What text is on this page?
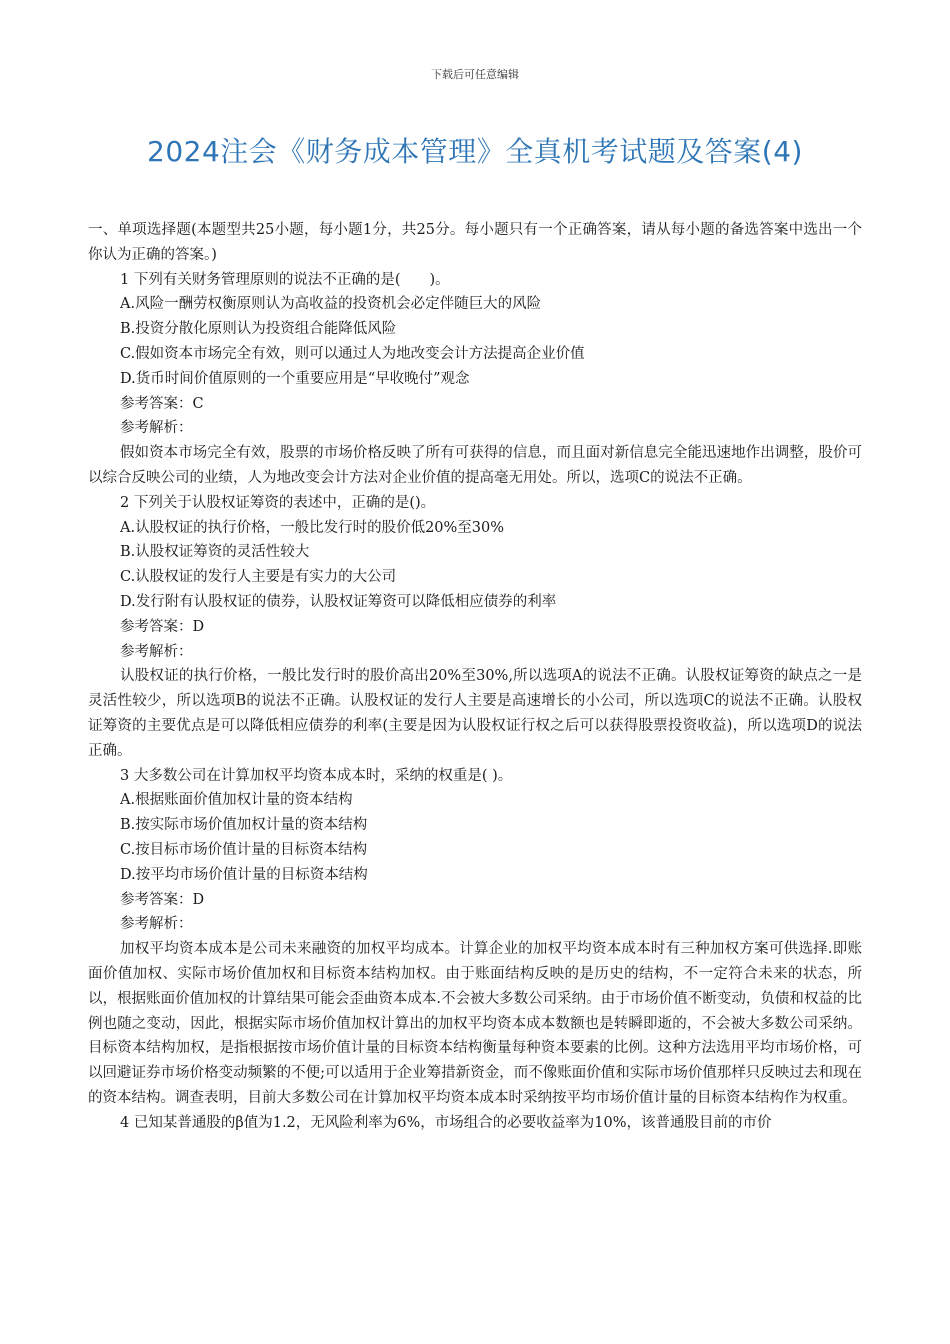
下载后可任意编辑
2024注会《财务成本管理》全真机考试题及答案(4)

一、单项选择题(本题型共25小题，每小题1分，共25分。每小题只有一个正确答案，请从每小题的备选答案中选出一个你认为正确的答案。)

1 下列有关财务管理原则的说法不正确的是(　　)。

A.风险一酬劳权衡原则认为高收益的投资机会必定伴随巨大的风险

B.投资分散化原则认为投资组合能降低风险

C.假如资本市场完全有效，则可以通过人为地改变会计方法提高企业价值

D.货币时间价值原则的一个重要应用是“早收晚付”观念

参考答案：C

参考解析：

假如资本市场完全有效，股票的市场价格反映了所有可获得的信息，而且面对新信息完全能迅速地作出调整，股价可以综合反映公司的业绩，人为地改变会计方法对企业价值的提高毫无用处。所以，选项C的说法不正确。

2 下列关于认股权证筹资的表述中，正确的是()。

A.认股权证的执行价格，一般比发行时的股价低20%至30%

B.认股权证筹资的灵活性较大

C.认股权证的发行人主要是有实力的大公司

D.发行附有认股权证的债券，认股权证筹资可以降低相应债券的利率

参考答案：D

参考解析：

认股权证的执行价格，一般比发行时的股价高出20%至30%,所以选项A的说法不正确。认股权证筹资的缺点之一是灵活性较少，所以选项B的说法不正确。认股权证的发行人主要是高速增长的小公司，所以选项C的说法不正确。认股权证筹资的主要优点是可以降低相应债券的利率(主要是因为认股权证行权之后可以获得股票投资收益)，所以选项D的说法正确。

3 大多数公司在计算加权平均资本成本时，采纳的权重是( )。

A.根据账面价值加权计量的资本结构

B.按实际市场价值加权计量的资本结构

C.按目标市场价值计量的目标资本结构

D.按平均市场价值计量的目标资本结构

参考答案：D

参考解析：

加权平均资本成本是公司未来融资的加权平均成本。计算企业的加权平均资本成本时有三种加权方案可供选择.即账面价值加权、实际市场价值加权和目标资本结构加权。由于账面结构反映的是历史的结构，不一定符合未来的状态，所以，根据账面价值加权的计算结果可能会歪曲资本成本.不会被大多数公司采纳。由于市场价值不断变动，负债和权益的比例也随之变动，因此，根据实际市场价值加权计算出的加权平均资本成本数额也是转瞬即逝的，不会被大多数公司采纳。目标资本结构加权，是指根据按市场价值计量的目标资本结构衡量每种资本要素的比例。这种方法选用平均市场价格，可以回避证券市场价格变动频繁的不便;可以适用于企业筹措新资金，而不像账面价值和实际市场价值那样只反映过去和现在的资本结构。调查表明，目前大多数公司在计算加权平均资本成本时采纳按平均市场价值计量的目标资本结构作为权重。

4 已知某普通股的β值为1.2，无风险利率为6%，市场组合的必要收益率为10%，该普通股目前的市价
